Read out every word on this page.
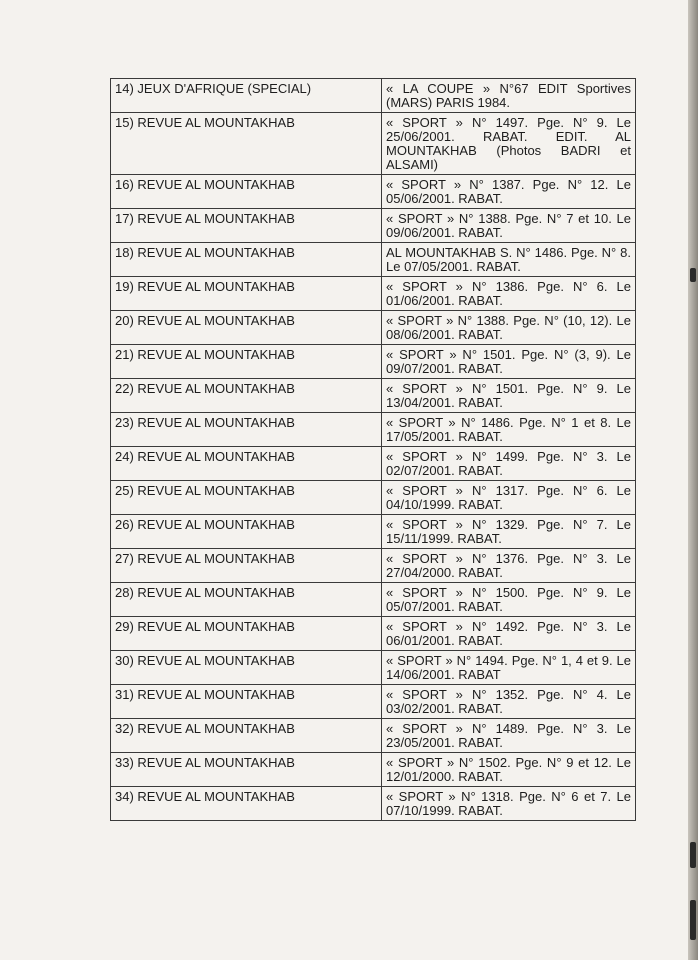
14) JEUX D'AFRIQUE (SPECIAL)	« LA COUPE » N°67 EDIT Sportives (MARS) PARIS 1984.
15) REVUE AL MOUNTAKHAB	« SPORT » N° 1497. Pge. N° 9. Le 25/06/2001. RABAT. EDIT. AL MOUNTAKHAB (Photos BADRI et ALSAMI)
16) REVUE AL MOUNTAKHAB	« SPORT » N° 1387. Pge. N° 12. Le 05/06/2001. RABAT.
17) REVUE AL MOUNTAKHAB	« SPORT » N° 1388. Pge. N° 7 et 10. Le 09/06/2001. RABAT.
18) REVUE AL MOUNTAKHAB	AL MOUNTAKHAB S. N° 1486. Pge. N° 8. Le 07/05/2001. RABAT.
19) REVUE AL MOUNTAKHAB	« SPORT » N° 1386. Pge. N° 6. Le 01/06/2001. RABAT.
20) REVUE AL MOUNTAKHAB	« SPORT » N° 1388. Pge. N° (10, 12). Le 08/06/2001. RABAT.
21) REVUE AL MOUNTAKHAB	« SPORT » N° 1501. Pge. N° (3, 9). Le 09/07/2001. RABAT.
22) REVUE AL MOUNTAKHAB	« SPORT » N° 1501. Pge. N° 9. Le 13/04/2001. RABAT.
23) REVUE AL MOUNTAKHAB	« SPORT » N° 1486. Pge. N° 1 et 8. Le 17/05/2001. RABAT.
24) REVUE AL MOUNTAKHAB	« SPORT » N° 1499. Pge. N° 3. Le 02/07/2001. RABAT.
25) REVUE AL MOUNTAKHAB	« SPORT » N° 1317. Pge. N° 6. Le 04/10/1999. RABAT.
26) REVUE AL MOUNTAKHAB	« SPORT » N° 1329. Pge. N° 7. Le 15/11/1999. RABAT.
27) REVUE AL MOUNTAKHAB	« SPORT » N° 1376. Pge. N° 3. Le 27/04/2000. RABAT.
28) REVUE AL MOUNTAKHAB	« SPORT » N° 1500. Pge. N° 9. Le 05/07/2001. RABAT.
29) REVUE AL MOUNTAKHAB	« SPORT » N° 1492. Pge. N° 3. Le 06/01/2001. RABAT.
30) REVUE AL MOUNTAKHAB	« SPORT » N° 1494. Pge. N° 1, 4 et 9. Le 14/06/2001. RABAT
31) REVUE AL MOUNTAKHAB	« SPORT » N° 1352. Pge. N° 4. Le 03/02/2001. RABAT.
32) REVUE AL MOUNTAKHAB	« SPORT » N° 1489. Pge. N° 3. Le 23/05/2001. RABAT.
33) REVUE AL MOUNTAKHAB	« SPORT » N° 1502. Pge. N° 9 et 12. Le 12/01/2000. RABAT.
34) REVUE AL MOUNTAKHAB	« SPORT » N° 1318. Pge. N° 6 et 7. Le 07/10/1999. RABAT.
